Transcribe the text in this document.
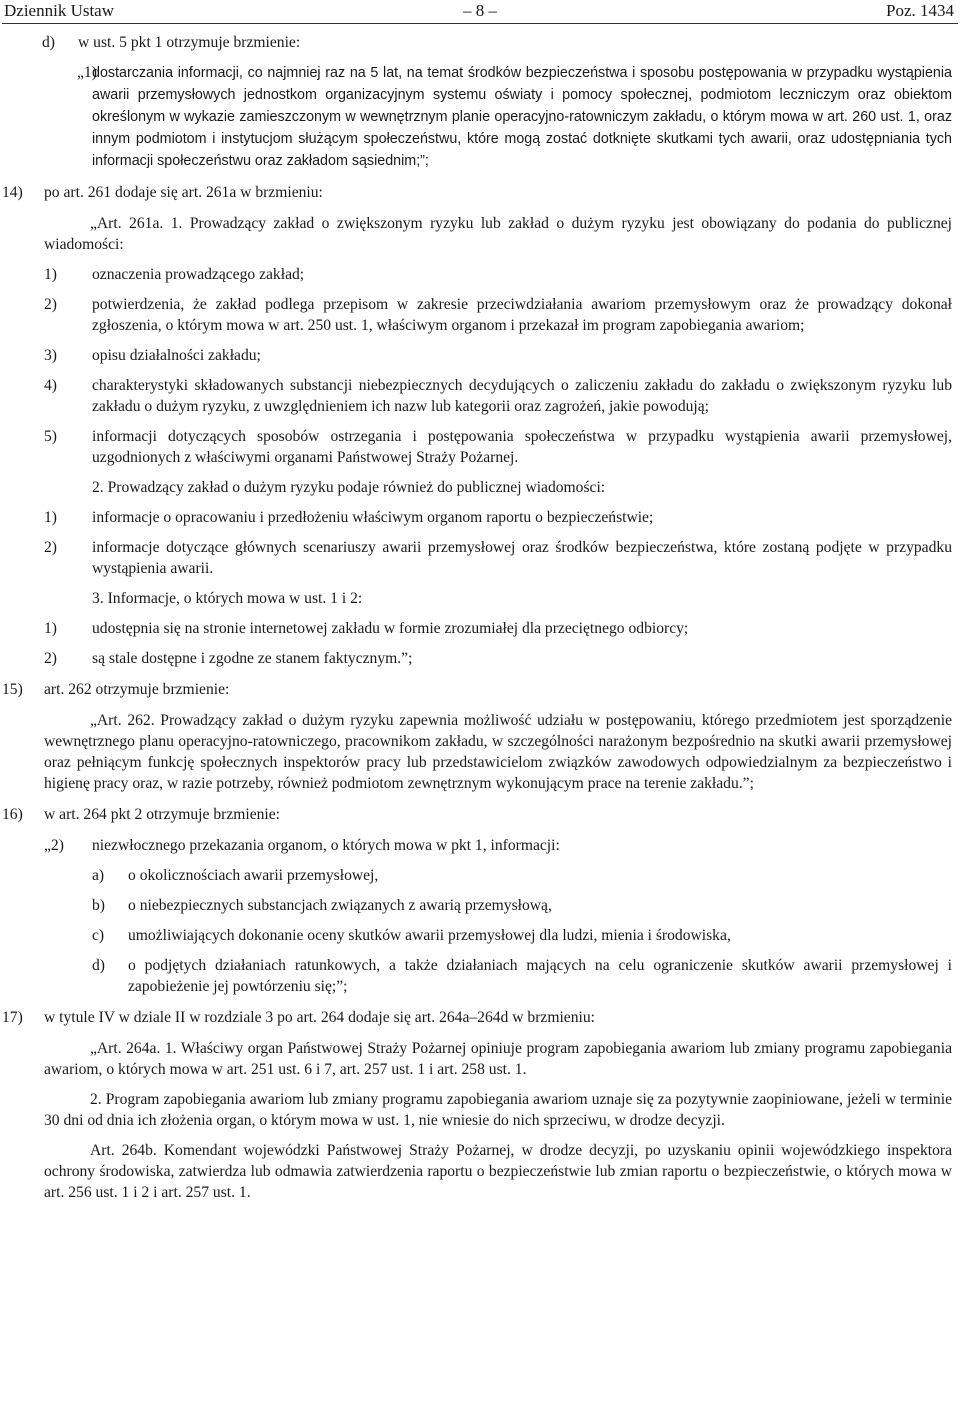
Dziennik Ustaw	– 8 –	Poz. 1434
d) w ust. 5 pkt 1 otrzymuje brzmienie:
„1)
dostarczania informacji, co najmniej raz na 5 lat, na temat środków bezpieczeństwa i sposobu postępowania w przypadku wystąpienia awarii przemysłowych jednostkom organizacyjnym systemu oświaty i pomocy społecznej, podmiotom leczniczym oraz obiektom określonym w wykazie zamieszczonym w wewnętrznym planie operacyjno-ratowniczym zakładu, o którym mowa w art. 260 ust. 1, oraz innym podmiotom i instytucjom służącym społeczeństwu, które mogą zostać dotknięte skutkami tych awarii, oraz udostępniania tych informacji społeczeństwu oraz zakładom sąsiednim;”;
14) po art. 261 dodaje się art. 261a w brzmieniu:
„Art. 261a. 1. Prowadzący zakład o zwiększonym ryzyku lub zakład o dużym ryzyku jest obowiązany do podania do publicznej wiadomości:
1) oznaczenia prowadzącego zakład;
2) potwierdzenia, że zakład podlega przepisom w zakresie przeciwdziałania awariom przemysłowym oraz że prowadzący dokonał zgłoszenia, o którym mowa w art. 250 ust. 1, właściwym organom i przekazał im program zapobiegania awariom;
3) opisu działalności zakładu;
4) charakterystyki składowanych substancji niebezpiecznych decydujących o zaliczeniu zakładu do zakładu o zwiększonym ryzyku lub zakładu o dużym ryzyku, z uwzględnieniem ich nazw lub kategorii oraz zagrożeń, jakie powodują;
5) informacji dotyczących sposobów ostrzegania i postępowania społeczeństwa w przypadku wystąpienia awarii przemysłowej, uzgodnionych z właściwymi organami Państwowej Straży Pożarnej.
2. Prowadzący zakład o dużym ryzyku podaje również do publicznej wiadomości:
1) informacje o opracowaniu i przedłożeniu właściwym organom raportu o bezpieczeństwie;
2) informacje dotyczące głównych scenariuszy awarii przemysłowej oraz środków bezpieczeństwa, które zostaną podjęte w przypadku wystąpienia awarii.
3. Informacje, o których mowa w ust. 1 i 2:
1) udostępnia się na stronie internetowej zakładu w formie zrozumiałej dla przeciętnego odbiorcy;
2) są stale dostępne i zgodne ze stanem faktycznym.”;
15) art. 262 otrzymuje brzmienie:
„Art. 262. Prowadzący zakład o dużym ryzyku zapewnia możliwość udziału w postępowaniu, którego przedmiotem jest sporządzenie wewnętrznego planu operacyjno-ratowniczego, pracownikom zakładu, w szczególności narażonym bezpośrednio na skutki awarii przemysłowej oraz pełniącym funkcję społecznych inspektorów pracy lub przedstawicielom związków zawodowych odpowiedzialnym za bezpieczeństwo i higienę pracy oraz, w razie potrzeby, również podmiotom zewnętrznym wykonującym prace na terenie zakładu.”;
16) w art. 264 pkt 2 otrzymuje brzmienie:
„2) niezwłocznego przekazania organom, o których mowa w pkt 1, informacji:
a) o okolicznościach awarii przemysłowej,
b) o niebezpiecznych substancjach związanych z awarią przemysłową,
c) umożliwiających dokonanie oceny skutków awarii przemysłowej dla ludzi, mienia i środowiska,
d) o podjętych działaniach ratunkowych, a także działaniach mających na celu ograniczenie skutków awarii przemysłowej i zapobieżenie jej powtórzeniu się;”;
17) w tytule IV w dziale II w rozdziale 3 po art. 264 dodaje się art. 264a–264d w brzmieniu:
„Art. 264a. 1. Właściwy organ Państwowej Straży Pożarnej opiniuje program zapobiegania awariom lub zmiany programu zapobiegania awariom, o których mowa w art. 251 ust. 6 i 7, art. 257 ust. 1 i art. 258 ust. 1.
2. Program zapobiegania awariom lub zmiany programu zapobiegania awariom uznaje się za pozytywnie zaopiniowane, jeżeli w terminie 30 dni od dnia ich złożenia organ, o którym mowa w ust. 1, nie wniesie do nich sprzeciwu, w drodze decyzji.
Art. 264b. Komendant wojewódzki Państwowej Straży Pożarnej, w drodze decyzji, po uzyskaniu opinii wojewódzkiego inspektora ochrony środowiska, zatwierdza lub odmawia zatwierdzenia raportu o bezpieczeństwie lub zmian raportu o bezpieczeństwie, o których mowa w art. 256 ust. 1 i 2 i art. 257 ust. 1.
